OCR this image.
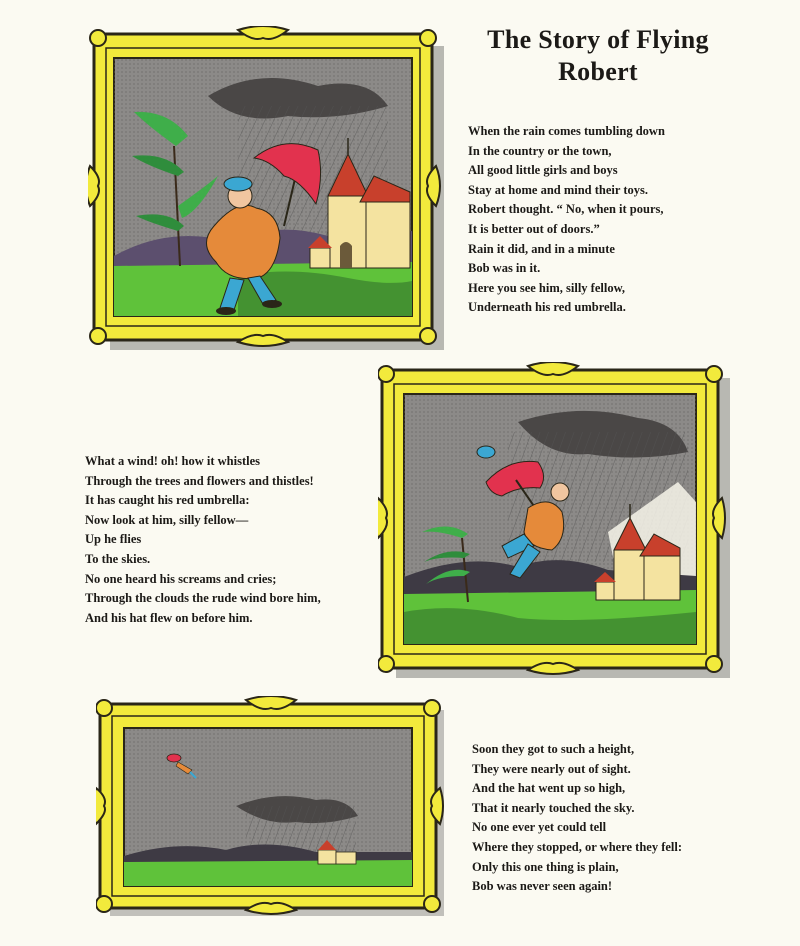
The Story of Flying
Robert
When the rain comes tumbling down
In the country or the town,
All good little girls and boys
Stay at home and mind their toys.
Robert thought. “ No, when it pours,
It is better out of doors.”
Rain it did, and in a minute
Bob was in it.
Here you see him, silly fellow,
Underneath his red umbrella.
What a wind! oh! how it whistles
Through the trees and flowers and thistles!
It has caught his red umbrella:
Now look at him, silly fellow—
Up he flies
To the skies.
No one heard his screams and cries;
Through the clouds the rude wind bore him,
And his hat flew on before him.
Soon they got to such a height,
They were nearly out of sight.
And the hat went up so high,
That it nearly touched the sky.
No one ever yet could tell
Where they stopped, or where they fell:
Only this one thing is plain,
Bob was never seen again!
